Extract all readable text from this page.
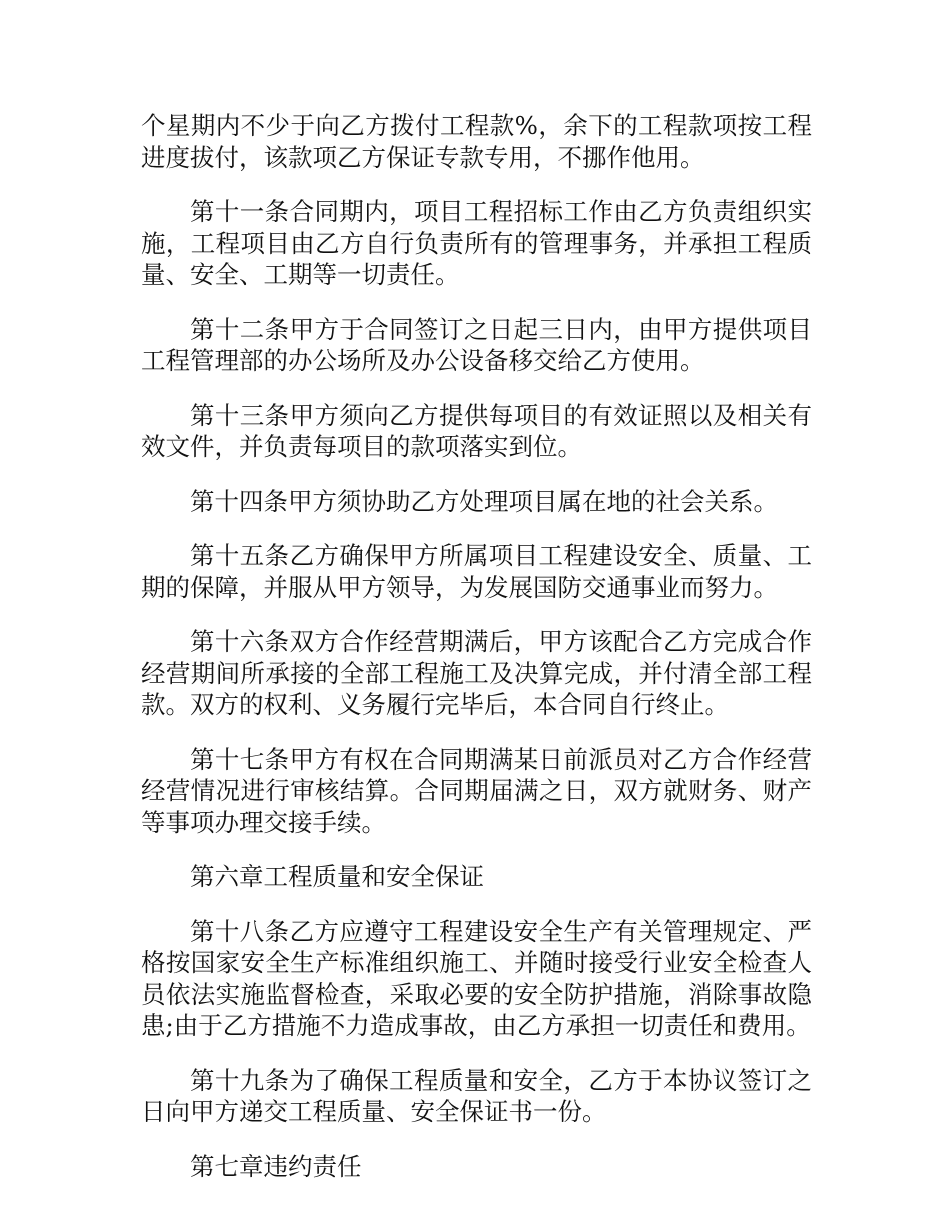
个星期内不少于向乙方拨付工程款%，余下的工程款项按工程进度拔付，该款项乙方保证专款专用，不挪作他用。

第十一条合同期内，项目工程招标工作由乙方负责组织实施，工程项目由乙方自行负责所有的管理事务，并承担工程质量、安全、工期等一切责任。

第十二条甲方于合同签订之日起三日内，由甲方提供项目工程管理部的办公场所及办公设备移交给乙方使用。

第十三条甲方须向乙方提供每项目的有效证照以及相关有效文件，并负责每项目的款项落实到位。

第十四条甲方须协助乙方处理项目属在地的社会关系。

第十五条乙方确保甲方所属项目工程建设安全、质量、工期的保障，并服从甲方领导，为发展国防交通事业而努力。

第十六条双方合作经营期满后，甲方该配合乙方完成合作经营期间所承接的全部工程施工及决算完成，并付清全部工程款。双方的权利、义务履行完毕后，本合同自行终止。

第十七条甲方有权在合同期满某日前派员对乙方合作经营经营情况进行审核结算。合同期届满之日，双方就财务、财产等事项办理交接手续。

第六章工程质量和安全保证

第十八条乙方应遵守工程建设安全生产有关管理规定、严格按国家安全生产标准组织施工、并随时接受行业安全检查人员依法实施监督检查，采取必要的安全防护措施，消除事故隐患;由于乙方措施不力造成事故，由乙方承担一切责任和费用。

第十九条为了确保工程质量和安全，乙方于本协议签订之日向甲方递交工程质量、安全保证书一份。

第七章违约责任
